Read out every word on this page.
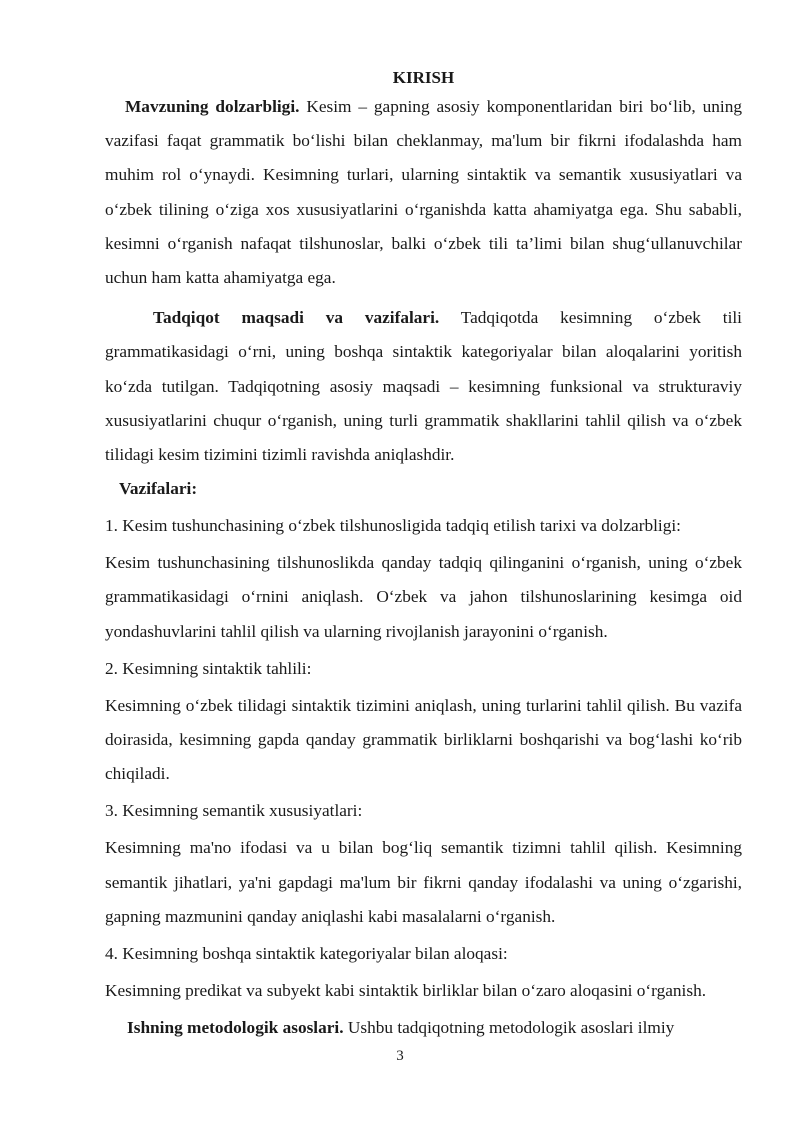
KIRISH

Mavzuning dolzarbligi. Kesim – gapning asosiy komponentlaridan biri bo‘lib, uning vazifasi faqat grammatik bo‘lishi bilan cheklanmay, ma'lum bir fikrni ifodalashda ham muhim rol o‘ynaydi. Kesimning turlari, ularning sintaktik va semantik xususiyatlari va o‘zbek tilining o‘ziga xos xususiyatlarini o‘rganishda katta ahamiyatga ega. Shu sababli, kesimni o‘rganish nafaqat tilshunoslar, balki o‘zbek tili ta’limi bilan shug‘ullanuvchilar uchun ham katta ahamiyatga ega.

Tadqiqot maqsadi va vazifalari. Tadqiqotda kesimning o‘zbek tili grammatikasidagi o‘rni, uning boshqa sintaktik kategoriyalar bilan aloqalarini yoritish ko‘zda tutilgan. Tadqiqotning asosiy maqsadi – kesimning funksional va strukturaviy xususiyatlarini chuqur o‘rganish, uning turli grammatik shakllarini tahlil qilish va o‘zbek tilidagi kesim tizimini tizimli ravishda aniqlashdir.

Vazifalari:

1. Kesim tushunchasining o‘zbek tilshunosligida tadqiq etilish tarixi va dolzarbligi:

Kesim tushunchasining tilshunoslikda qanday tadqiq qilinganini o‘rganish, uning o‘zbek grammatikasidagi o‘rnini aniqlash. O‘zbek va jahon tilshunoslarining kesimga oid yondashuvlarini tahlil qilish va ularning rivojlanish jarayonini o‘rganish.

2. Kesimning sintaktik tahlili:

Kesimning o‘zbek tilidagi sintaktik tizimini aniqlash, uning turlarini tahlil qilish. Bu vazifa doirasida, kesimning gapda qanday grammatik birliklarni boshqarishi va bog‘lashi ko‘rib chiqiladi.

3. Kesimning semantik xususiyatlari:

Kesimning ma'no ifodasi va u bilan bog‘liq semantik tizimni tahlil qilish. Kesimning semantik jihatlari, ya'ni gapdagi ma'lum bir fikrni qanday ifodalashi va uning o‘zgarishi, gapning mazmunini qanday aniqlashi kabi masalalarni o‘rganish.

4. Kesimning boshqa sintaktik kategoriyalar bilan aloqasi:

Kesimning predikat va subyekt kabi sintaktik birliklar bilan o‘zaro aloqasini o‘rganish.

Ishning metodologik asoslari. Ushbu tadqiqotning metodologik asoslari ilmiy

3
